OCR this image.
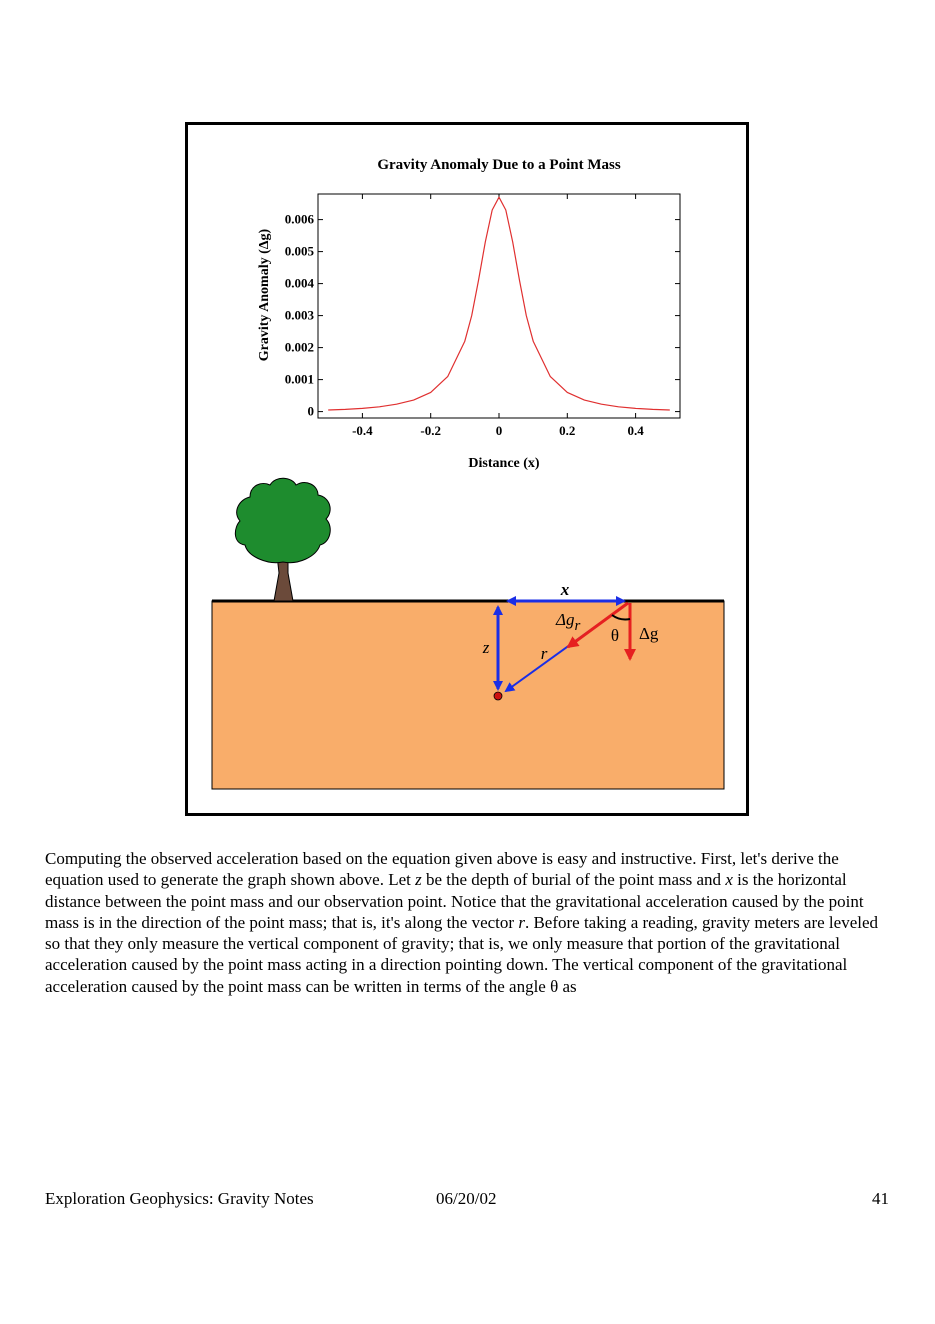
Gravity Anomaly Due to a Point Mass
Distance (x)
Gravity Anomaly (Δg)
-0.4	-0.2	0	0.2	0.4
0
0.001
0.002
0.003
0.004
0.005
0.006
x
z	r
Δgr	Δg
θ

Computing the observed acceleration based on the equation given above is easy and instructive. First, let's derive the equation used to generate the graph shown above. Let z be the depth of burial of the point mass and x is the horizontal distance between the point mass and our observation point. Notice that the gravitational acceleration caused by the point mass is in the direction of the point mass; that is, it's along the vector r. Before taking a reading, gravity meters are leveled so that they only measure the vertical component of gravity; that is, we only measure that portion of the gravitational acceleration caused by the point mass acting in a direction pointing down. The vertical component of the gravitational acceleration caused by the point mass can be written in terms of the angle θ as

Exploration Geophysics: Gravity Notes	06/20/02	41
